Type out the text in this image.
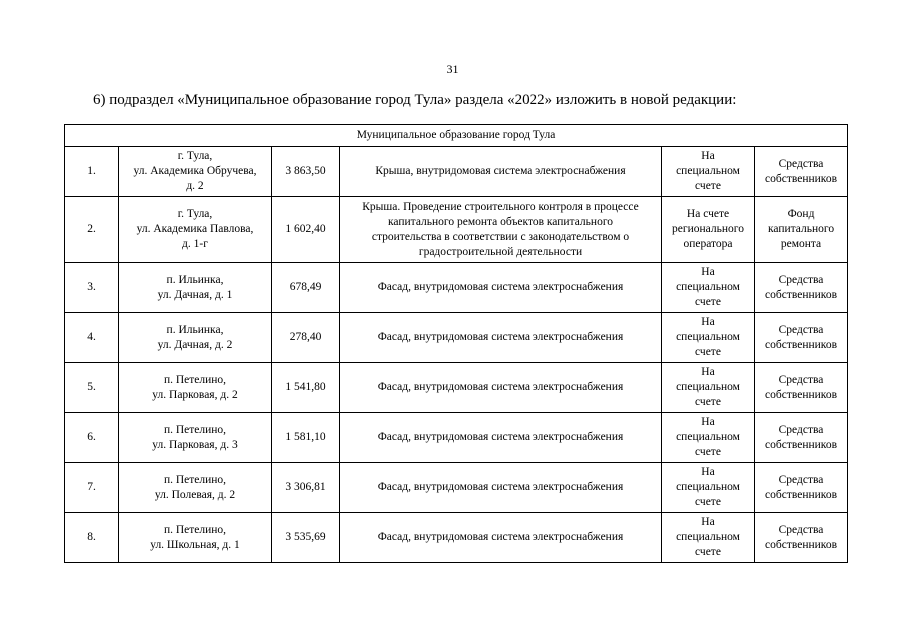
31
6) подраздел «Муниципальное образование город Тула» раздела «2022» изложить в новой редакции:
Муниципальное образование город Тула					
1.	г. Тула,
ул. Академика Обручева,
д. 2	3 863,50	Крыша, внутридомовая система электроснабжения	На
специальном
счете	Средства
собственников
2.	г. Тула,
ул. Академика Павлова,
д. 1-г	1 602,40	Крыша. Проведение строительного контроля в процессе
капитального ремонта объектов капитального
строительства в соответствии с законодательством о
градостроительной деятельности	На счете
регионального
оператора	Фонд
капитального
ремонта
3.	п. Ильинка,
ул. Дачная, д. 1	678,49	Фасад, внутридомовая система электроснабжения	На
специальном
счете	Средства
собственников
4.	п. Ильинка,
ул. Дачная, д. 2	278,40	Фасад, внутридомовая система электроснабжения	На
специальном
счете	Средства
собственников
5.	п. Петелино,
ул. Парковая, д. 2	1 541,80	Фасад, внутридомовая система электроснабжения	На
специальном
счете	Средства
собственников
6.	п. Петелино,
ул. Парковая, д. 3	1 581,10	Фасад, внутридомовая система электроснабжения	На
специальном
счете	Средства
собственников
7.	п. Петелино,
ул. Полевая, д. 2	3 306,81	Фасад, внутридомовая система электроснабжения	На
специальном
счете	Средства
собственников
8.	п. Петелино,
ул. Школьная, д. 1	3 535,69	Фасад, внутридомовая система электроснабжения	На
специальном
счете	Средства
собственников
